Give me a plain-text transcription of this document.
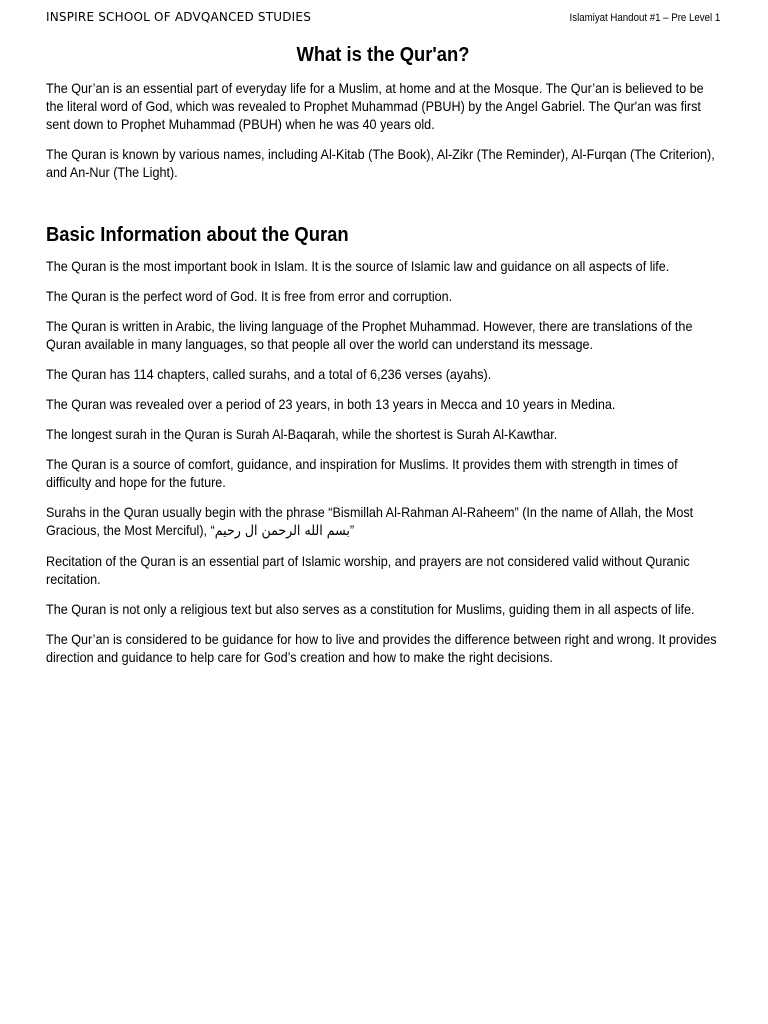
INSPIRE SCHOOL OF ADVQANCED STUDIES	Islamiyat Handout #1 – Pre Level 1
What is the Qur'an?

The Qur’an is an essential part of everyday life for a Muslim, at home and at the Mosque. The Qur’an is believed to be the literal word of God, which was revealed to Prophet Muhammad (PBUH) by the Angel Gabriel. The Qur'an was first sent down to Prophet Muhammad (PBUH) when he was 40 years old.

The Quran is known by various names, including Al-Kitab (The Book), Al-Zikr (The Reminder), Al-Furqan (The Criterion), and An-Nur (The Light).

Basic Information about the Quran

The Quran is the most important book in Islam. It is the source of Islamic law and guidance on all aspects of life.

The Quran is the perfect word of God. It is free from error and corruption.

The Quran is written in Arabic, the living language of the Prophet Muhammad. However, there are translations of the Quran available in many languages, so that people all over the world can understand its message.

The Quran has 114 chapters, called surahs, and a total of 6,236 verses (ayahs).

The Quran was revealed over a period of 23 years, in both 13 years in Mecca and 10 years in Medina.

The longest surah in the Quran is Surah Al-Baqarah, while the shortest is Surah Al-Kawthar.

The Quran is a source of comfort, guidance, and inspiration for Muslims. It provides them with strength in times of difficulty and hope for the future.

Surahs in the Quran usually begin with the phrase “Bismillah Al-Rahman Al-Raheem” (In the name of Allah, the Most Gracious, the Most Merciful), “بسم الله الرحمن ال رحيم”

Recitation of the Quran is an essential part of Islamic worship, and prayers are not considered valid without Quranic recitation.

The Quran is not only a religious text but also serves as a constitution for Muslims, guiding them in all aspects of life.

The Qur’an is considered to be guidance for how to live and provides the difference between right and wrong. It provides direction and guidance to help care for God’s creation and how to make the right decisions.
